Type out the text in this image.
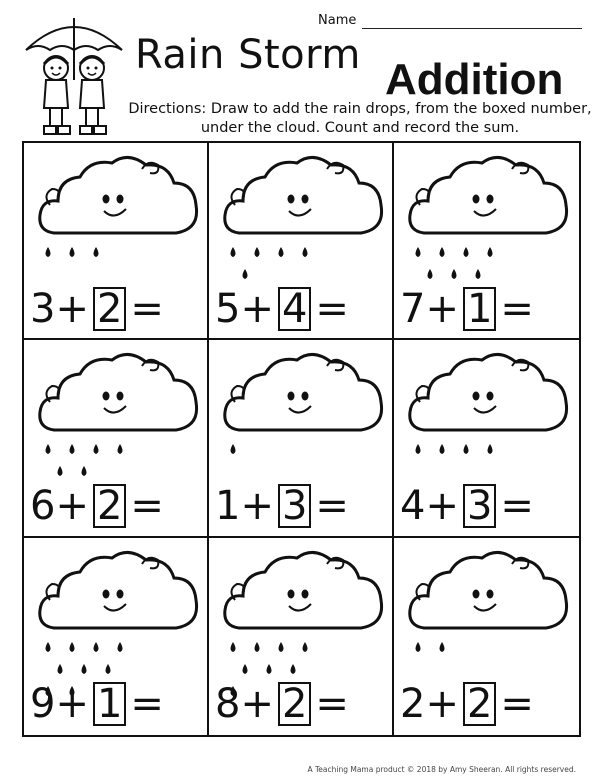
Name
Rain Storm Addition
Directions: Draw to add the rain drops, from the boxed number, under the cloud. Count and record the sum.
3 + 2 = 5 + 4 = 7 + 1 =
6 + 2 = 1 + 3 = 4 + 3 =
9 + 1 = 8 + 2 = 2 + 2 =
A Teaching Mama product © 2018 by Amy Sheeran. All rights reserved.
